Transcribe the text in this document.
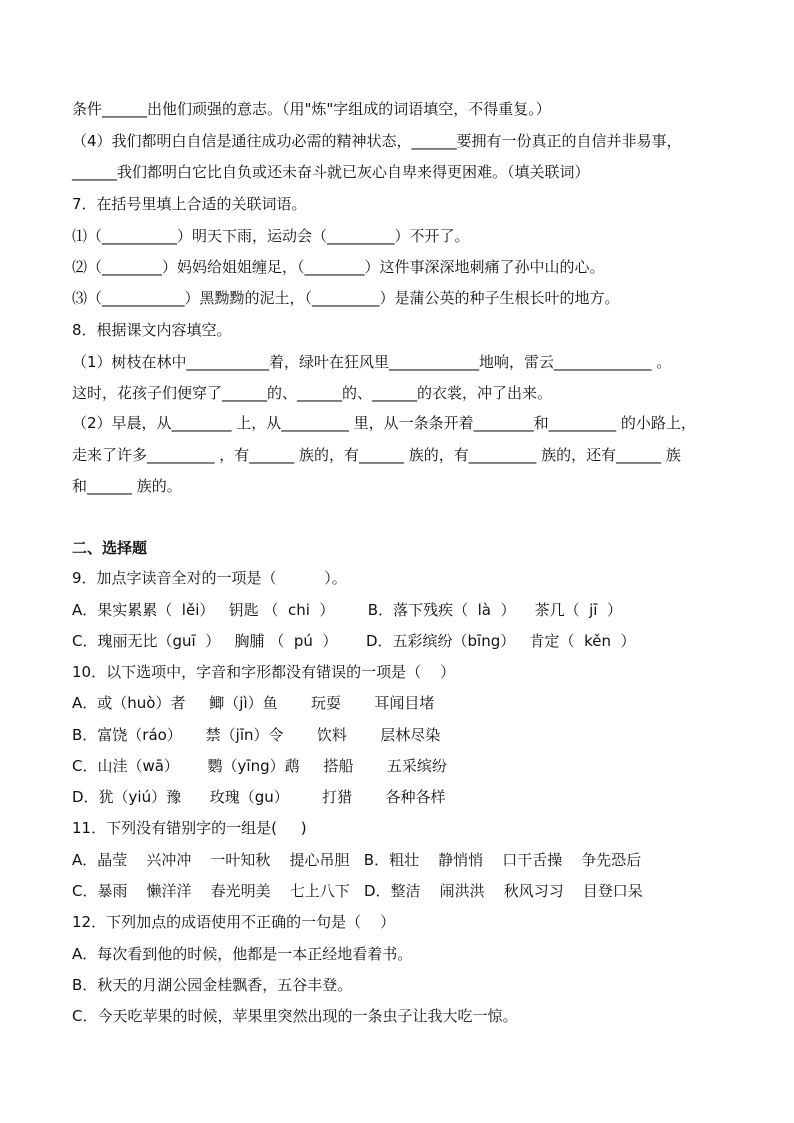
条件______出他们顽强的意志。（用"炼"字组成的词语填空，不得重复。）
（4）我们都明白自信是通往成功必需的精神状态，______要拥有一份真正的自信并非易事，
______我们都明白它比自负或还未奋斗就已灰心自卑来得更困难。（填关联词）
7．在括号里填上合适的关联词语。
⑴（__________）明天下雨，运动会（_________）不开了。
⑵（________）妈妈给姐姐缠足，（________）这件事深深地刺痛了孙中山的心。
⑶（___________）黑黝黝的泥土，（_________）是蒲公英的种子生根长叶的地方。
8．根据课文内容填空。
（1）树枝在林中___________着，绿叶在狂风里____________地响，雷云_____________ 。
这时，花孩子们便穿了______的、______的、______的衣裳，冲了出来。
（2）早晨，从________ 上，从_________ 里，从一条条开着________和_________ 的小路上，
走来了许多_________ ，有______ 族的，有______ 族的，有_________ 族的，还有______ 族
和______ 族的。
二、选择题
9．加点字读音全对的一项是（          ）。
A．果实累累（  lěi）   钥匙 （  chi  ）       B．落下残疾（  là  ）    茶几（  jī  ）
C．瑰丽无比（guī  ）   胸脯 （  pú  ）      D．五彩缤纷（bīng）   肯定（  kěn  ）
10．以下选项中，字音和字形都没有错误的一项是（    ）
A．或（huò）者     鲫（jì）鱼       玩耍       耳闻目堵
B．富饶（ráo）     禁（jīn）令       饮料       层林尽染
C．山洼（wā）      鹦（yīng）鹉     搭船       五采缤纷
D．犹（yiú）豫      玫瑰（gu）       打猎       各种各样
11．下列没有错别字的一组是(     )
A．晶莹    兴冲冲    一叶知秋    提心吊胆   B．粗壮    静悄悄    口干舌操    争先恐后
C．暴雨    懒洋洋    春光明美    七上八下   D．整洁    闹洪洪    秋风习习    目登口呆
12．下列加点的成语使用不正确的一句是（    ）
A．每次看到他的时候，他都是一本正经地看着书。
B．秋天的月湖公园金桂飘香，五谷丰登。
C．今天吃苹果的时候，苹果里突然出现的一条虫子让我大吃一惊。
